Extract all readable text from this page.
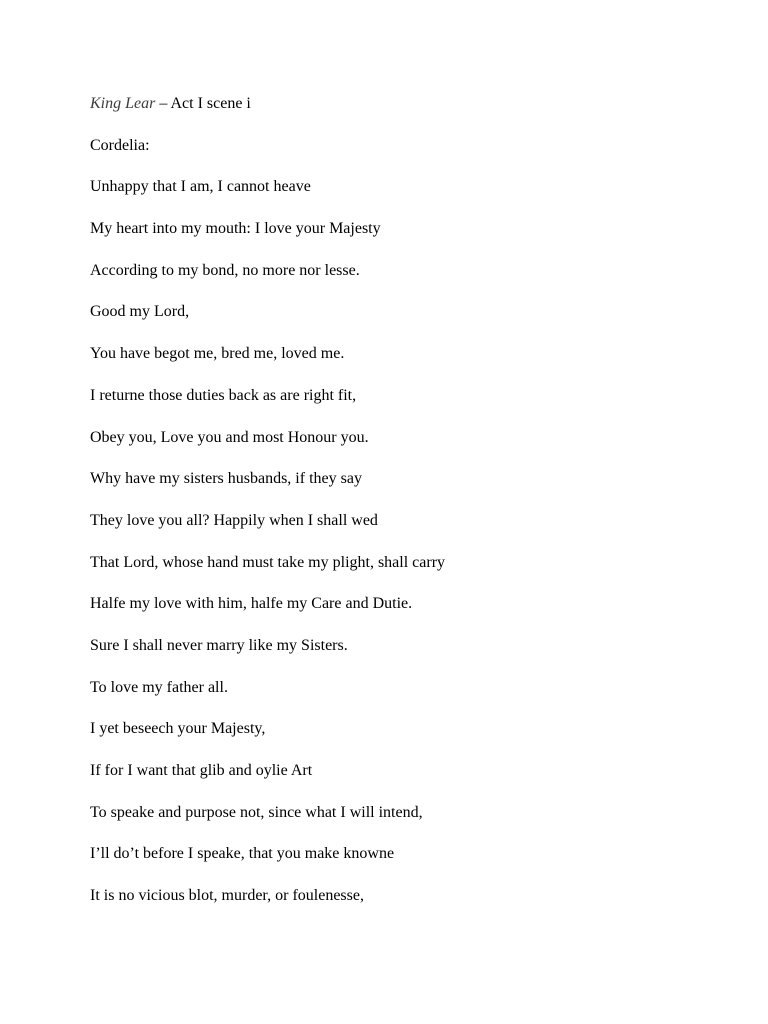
King Lear – Act I scene i
Cordelia:
Unhappy that I am, I cannot heave
My heart into my mouth: I love your Majesty
According to my bond, no more nor lesse.
Good my Lord,
You have begot me, bred me, loved me.
I returne those duties back as are right fit,
Obey you, Love you and most Honour you.
Why have my sisters husbands, if they say
They love you all? Happily when I shall wed
That Lord, whose hand must take my plight, shall carry
Halfe my love with him, halfe my Care and Dutie.
Sure I shall never marry like my Sisters.
To love my father all.
I yet beseech your Majesty,
If for I want that glib and oylie Art
To speake and purpose not, since what I will intend,
I’ll do’t before I speake, that you make knowne
It is no vicious blot, murder, or foulenesse,
